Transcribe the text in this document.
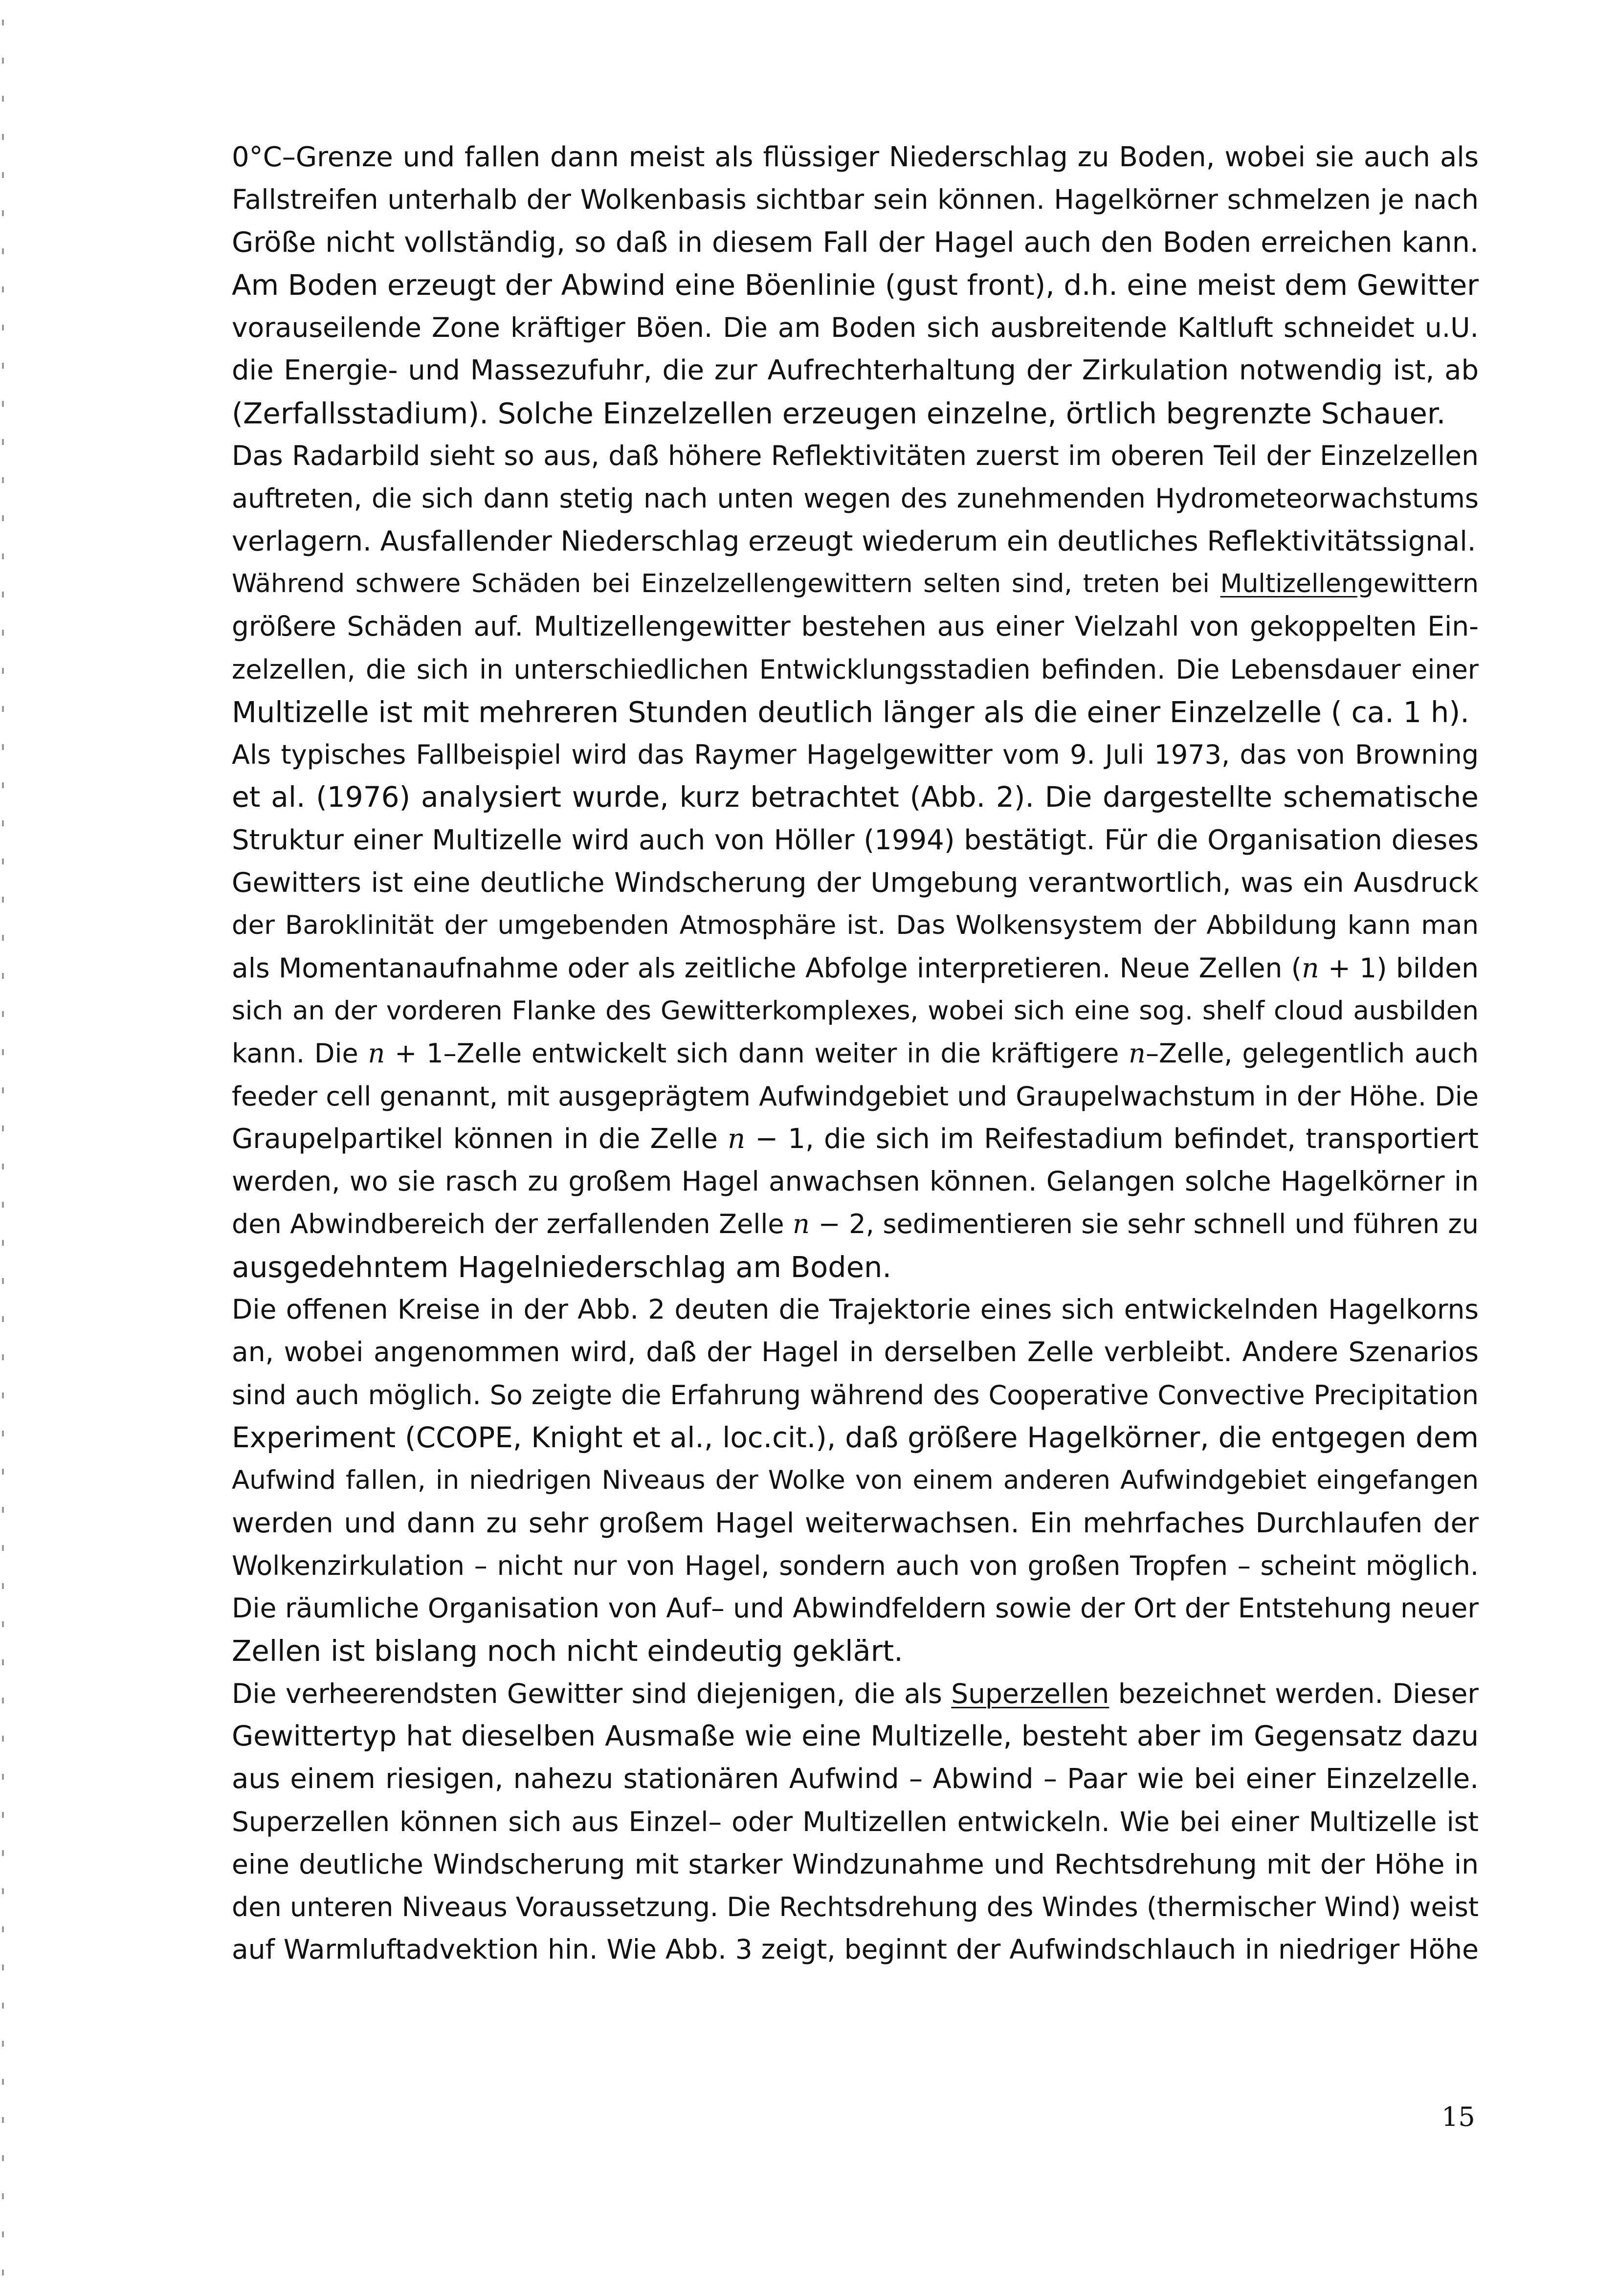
0°C–Grenze und fallen dann meist als flüssiger Niederschlag zu Boden, wobei sie auch als
Fallstreifen unterhalb der Wolkenbasis sichtbar sein können. Hagelkörner schmelzen je nach
Größe nicht vollständig, so daß in diesem Fall der Hagel auch den Boden erreichen kann.
Am Boden erzeugt der Abwind eine Böenlinie (gust front), d.h. eine meist dem Gewitter
vorauseilende Zone kräftiger Böen. Die am Boden sich ausbreitende Kaltluft schneidet u.U.
die Energie- und Massezufuhr, die zur Aufrechterhaltung der Zirkulation notwendig ist, ab
(Zerfallsstadium). Solche Einzelzellen erzeugen einzelne, örtlich begrenzte Schauer.
Das Radarbild sieht so aus, daß höhere Reflektivitäten zuerst im oberen Teil der Einzelzellen
auftreten, die sich dann stetig nach unten wegen des zunehmenden Hydrometeorwachstums
verlagern. Ausfallender Niederschlag erzeugt wiederum ein deutliches Reflektivitätssignal.
Während schwere Schäden bei Einzelzellengewittern selten sind, treten bei Multizellengewittern
größere Schäden auf. Multizellengewitter bestehen aus einer Vielzahl von gekoppelten Ein-
zelzellen, die sich in unterschiedlichen Entwicklungsstadien befinden. Die Lebensdauer einer
Multizelle ist mit mehreren Stunden deutlich länger als die einer Einzelzelle ( ca. 1 h).
Als typisches Fallbeispiel wird das Raymer Hagelgewitter vom 9. Juli 1973, das von Browning
et al. (1976) analysiert wurde, kurz betrachtet (Abb. 2). Die dargestellte schematische
Struktur einer Multizelle wird auch von Höller (1994) bestätigt. Für die Organisation dieses
Gewitters ist eine deutliche Windscherung der Umgebung verantwortlich, was ein Ausdruck
der Baroklinität der umgebenden Atmosphäre ist. Das Wolkensystem der Abbildung kann man
als Momentanaufnahme oder als zeitliche Abfolge interpretieren. Neue Zellen (n + 1) bilden
sich an der vorderen Flanke des Gewitterkomplexes, wobei sich eine sog. shelf cloud ausbilden
kann. Die n + 1–Zelle entwickelt sich dann weiter in die kräftigere n–Zelle, gelegentlich auch
feeder cell genannt, mit ausgeprägtem Aufwindgebiet und Graupelwachstum in der Höhe. Die
Graupelpartikel können in die Zelle n − 1, die sich im Reifestadium befindet, transportiert
werden, wo sie rasch zu großem Hagel anwachsen können. Gelangen solche Hagelkörner in
den Abwindbereich der zerfallenden Zelle n − 2, sedimentieren sie sehr schnell und führen zu
ausgedehntem Hagelniederschlag am Boden.
Die offenen Kreise in der Abb. 2 deuten die Trajektorie eines sich entwickelnden Hagelkorns
an, wobei angenommen wird, daß der Hagel in derselben Zelle verbleibt. Andere Szenarios
sind auch möglich. So zeigte die Erfahrung während des Cooperative Convective Precipitation
Experiment (CCOPE, Knight et al., loc.cit.), daß größere Hagelkörner, die entgegen dem
Aufwind fallen, in niedrigen Niveaus der Wolke von einem anderen Aufwindgebiet eingefangen
werden und dann zu sehr großem Hagel weiterwachsen. Ein mehrfaches Durchlaufen der
Wolkenzirkulation – nicht nur von Hagel, sondern auch von großen Tropfen – scheint möglich.
Die räumliche Organisation von Auf– und Abwindfeldern sowie der Ort der Entstehung neuer
Zellen ist bislang noch nicht eindeutig geklärt.
Die verheerendsten Gewitter sind diejenigen, die als Superzellen bezeichnet werden. Dieser
Gewittertyp hat dieselben Ausmaße wie eine Multizelle, besteht aber im Gegensatz dazu
aus einem riesigen, nahezu stationären Aufwind – Abwind – Paar wie bei einer Einzelzelle.
Superzellen können sich aus Einzel– oder Multizellen entwickeln. Wie bei einer Multizelle ist
eine deutliche Windscherung mit starker Windzunahme und Rechtsdrehung mit der Höhe in
den unteren Niveaus Voraussetzung. Die Rechtsdrehung des Windes (thermischer Wind) weist
auf Warmluftadvektion hin. Wie Abb. 3 zeigt, beginnt der Aufwindschlauch in niedriger Höhe
15
